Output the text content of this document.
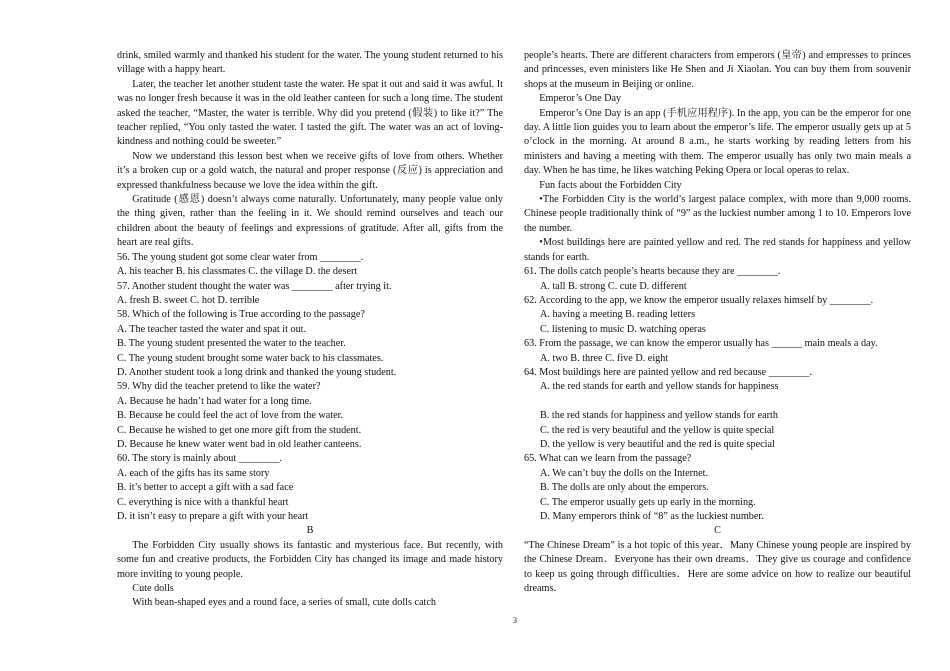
drink, smiled warmly and thanked his student for the water. The young student returned to his village with a happy heart.

Later, the teacher let another student taste the water. He spat it out and said it was awful. It was no longer fresh because it was in the old leather canteen for such a long time. The student asked the teacher, “Master, the water is terrible. Why did you pretend (假装) to like it?” The teacher replied, “You only tasted the water. I tasted the gift. The water was an act of loving-kindness and nothing could be sweeter.”

Now we understand this lesson best when we receive gifts of love from others. Whether it’s a broken cup or a gold watch, the natural and proper response (反应) is appreciation and expressed thankfulness because we love the idea within the gift.

Gratitude (感恩) doesn’t always come naturally. Unfortunately, many people value only the thing given, rather than the feeling in it. We should remind ourselves and teach our children about the beauty of feelings and expressions of gratitude. After all, gifts from the heart are real gifts.

56. The young student got some clear water from ________.

A. his teacher B. his classmates C. the village D. the desert

57. Another student thought the water was ________ after trying it.

A. fresh B. sweet C. hot D. terrible

58. Which of the following is True according to the passage?

A. The teacher tasted the water and spat it out.

B. The young student presented the water to the teacher.

C. The young student brought some water back to his classmates.

D. Another student took a long drink and thanked the young student.

59. Why did the teacher pretend to like the water?

A. Because he hadn’t had water for a long time.

B. Because he could feel the act of love from the water.

C. Because he wished to get one more gift from the student.

D. Because he knew water went bad in old leather canteens.

60. The story is mainly about ________.

A. each of the gifts has its same story

B. it’s better to accept a gift with a sad face

C. everything is nice with a thankful heart

D. it isn’t easy to prepare a gift with your heart

B

The Forbidden City usually shows its fantastic and mysterious face. But recently, with some fun and creative products, the Forbidden City has changed its image and made history more inviting to young people.

Cute dolls

With bean-shaped eyes and a round face, a series of small, cute dolls catch

people’s hearts. There are different characters from emperors (皇帝) and empresses to princes and princesses, even ministers like He Shen and Ji Xiaolan. You can buy them from souvenir shops at the museum in Beijing or online.

Emperor’s One Day

Emperor’s One Day is an app (手机应用程序). In the app, you can be the emperor for one day. A little lion guides you to learn about the emperor’s life. The emperor usually gets up at 5 o’clock in the morning. At around 8 a.m., he starts working by reading letters from his ministers and having a meeting with them. The emperor usually has only two main meals a day. When he has time, he likes watching Peking Opera or local operas to relax.

Fun facts about the Forbidden City

•The Forbidden City is the world’s largest palace complex, with more than 9,000 rooms. Chinese people traditionally think of “9” as the luckiest number among 1 to 10. Emperors love the number.

•Most buildings here are painted yellow and red. The red stands for happiness and yellow stands for earth.

61. The dolls catch people’s hearts because they are ________.

A. tall B. strong C. cute D. different

62. According to the app, we know the emperor usually relaxes himself by ________.

A. having a meeting B. reading letters

C. listening to music D. watching operas

63. From the passage, we can know the emperor usually has ______ main meals a day.

A. two B. three C. five D. eight

64. Most buildings here are painted yellow and red because ________.

A. the red stands for earth and yellow stands for happiness

B. the red stands for happiness and yellow stands for earth

C. the red is very beautiful and the yellow is quite special

D. the yellow is very beautiful and the red is quite special

65. What can we learn from the passage?

A. We can’t buy the dolls on the Internet.

B. The dolls are only about the emperors.

C. The emperor usually gets up early in the morning.

D. Many emperors think of “8” as the luckiest number.

C

“The Chinese Dream” is a hot topic of this year．Many Chinese young people are inspired by the Chinese Dream．Everyone has their own dreams．They give us courage and confidence to keep us going through difficulties．Here are some advice on how to realize our beautiful dreams．

3
